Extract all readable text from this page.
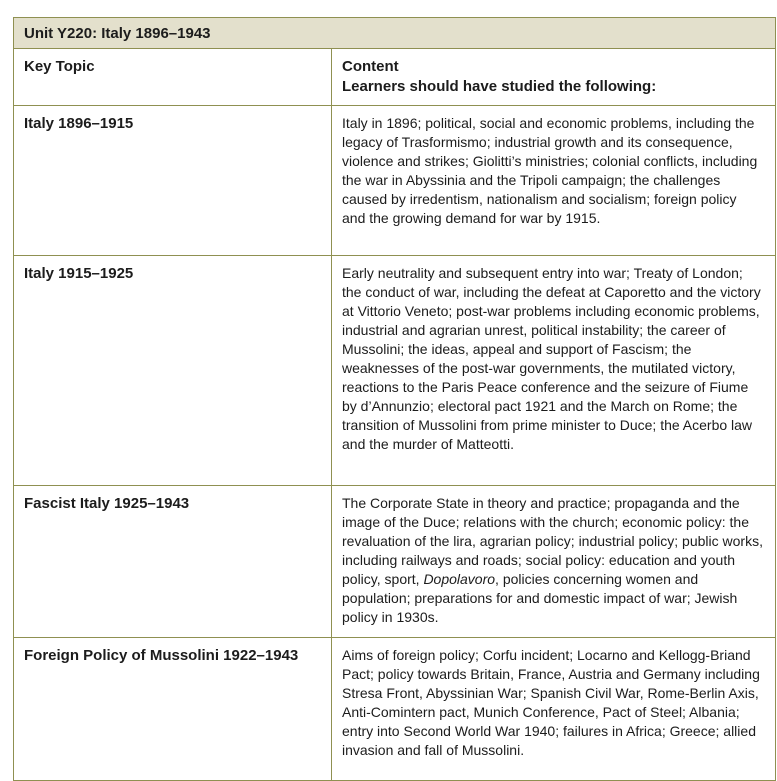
Unit Y220: Italy 1896–1943	
Key Topic	Content
Learners should have studied the following:

Italy 1896–1915	Italy in 1896; political, social and economic problems, including the legacy of Trasformismo; industrial growth and its consequence, violence and strikes; Giolitti’s ministries; colonial conflicts, including the war in Abyssinia and the Tripoli campaign; the challenges caused by irredentism, nationalism and socialism; foreign policy and the growing demand for war by 1915.
Italy 1915–1925	Early neutrality and subsequent entry into war; Treaty of London; the conduct of war, including the defeat at Caporetto and the victory at Vittorio Veneto; post-war problems including economic problems, industrial and agrarian unrest, political instability; the career of Mussolini; the ideas, appeal and support of Fascism; the weaknesses of the post-war governments, the mutilated victory, reactions to the Paris Peace conference and the seizure of Fiume by d’Annunzio; electoral pact 1921 and the March on Rome; the transition of Mussolini from prime minister to Duce; the Acerbo law and the murder of Matteotti.
Fascist Italy 1925–1943	The Corporate State in theory and practice; propaganda and the image of the Duce; relations with the church; economic policy: the revaluation of the lira, agrarian policy; industrial policy; public works, including railways and roads; social policy: education and youth policy, sport, Dopolavoro, policies concerning women and population; preparations for and domestic impact of war; Jewish policy in 1930s.
Foreign Policy of Mussolini 1922–1943	Aims of foreign policy; Corfu incident; Locarno and Kellogg-Briand Pact; policy towards Britain, France, Austria and Germany including Stresa Front, Abyssinian War; Spanish Civil War, Rome-Berlin Axis, Anti-Comintern pact, Munich Conference, Pact of Steel; Albania; entry into Second World War 1940; failures in Africa; Greece; allied invasion and fall of Mussolini.
